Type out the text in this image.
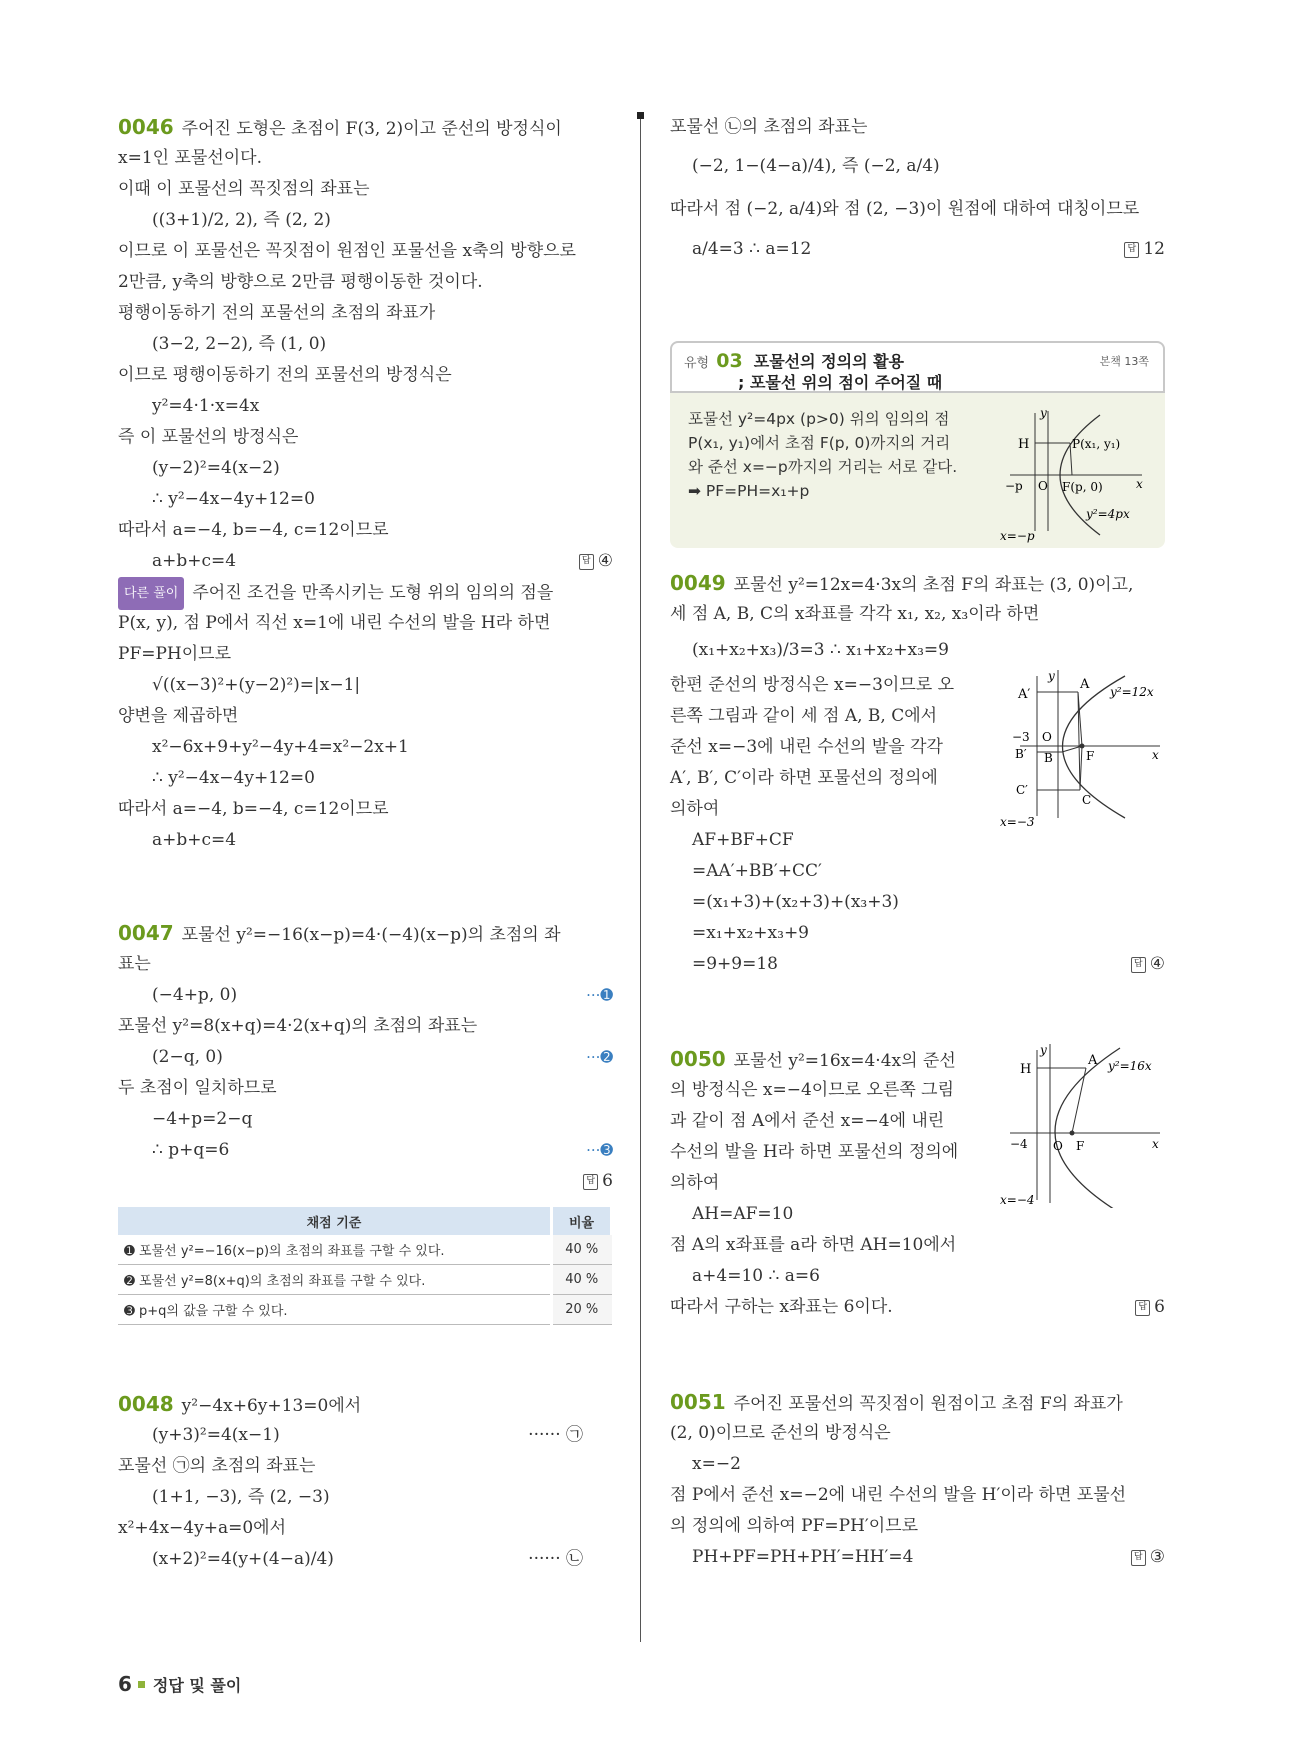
0046 주어진 도형은 초점이 F(3, 2)이고 준선의 방정식이
x=1인 포물선이다.
이때 이 포물선의 꼭짓점의 좌표는
((3+1)/2, 2), 즉 (2, 2)
이므로 이 포물선은 꼭짓점이 원점인 포물선을 x축의 방향으로
2만큼, y축의 방향으로 2만큼 평행이동한 것이다.
평행이동하기 전의 포물선의 초점의 좌표가
(3−2, 2−2), 즉 (1, 0)
이므로 평행이동하기 전의 포물선의 방정식은
y²=4·1·x=4x
즉 이 포물선의 방정식은
(y−2)²=4(x−2)
∴ y²−4x−4y+12=0
따라서 a=−4, b=−4, c=12이므로
a+b+c=4	답 ④
다른 풀이 주어진 조건을 만족시키는 도형 위의 임의의 점을
P(x, y), 점 P에서 직선 x=1에 내린 수선의 발을 H라 하면
PF=PH이므로
√((x−3)²+(y−2)²)=|x−1|
양변을 제곱하면
x²−6x+9+y²−4y+4=x²−2x+1
∴ y²−4x−4y+12=0
따라서 a=−4, b=−4, c=12이므로
a+b+c=4
0047 포물선 y²=−16(x−p)=4·(−4)(x−p)의 초점의 좌
표는
(−4+p, 0)	···➊
포물선 y²=8(x+q)=4·2(x+q)의 초점의 좌표는
(2−q, 0)	···➋
두 초점이 일치하므로
−4+p=2−q
∴ p+q=6	···➌
답 6
채점 기준	비율
➊ 포물선 y²=−16(x−p)의 초점의 좌표를 구할 수 있다.	40 %
➋ 포물선 y²=8(x+q)의 초점의 좌표를 구할 수 있다.	40 %
➌ p+q의 값을 구할 수 있다.	20 %
0048 y²−4x+6y+13=0에서
(y+3)²=4(x−1)	······ ㉠
포물선 ㉠의 초점의 좌표는
(1+1, −3), 즉 (2, −3)
x²+4x−4y+a=0에서
(x+2)²=4(y+(4−a)/4)	······ ㉡
포물선 ㉡의 초점의 좌표는
(−2, 1−(4−a)/4), 즉 (−2, a/4)
따라서 점 (−2, a/4)와 점 (2, −3)이 원점에 대하여 대칭이므로
a/4=3 ∴ a=12	답 12
유형 03 포물선의 정의의 활용	본책 13쪽
; 포물선 위의 점이 주어질 때
포물선 y²=4px (p>0) 위의 임의의 점
P(x₁, y₁)에서 초점 F(p, 0)까지의 거리
와 준선 x=−p까지의 거리는 서로 같다.
➡ PF=PH=x₁+p
H	P(x₁, y₁)
−p O F(p, 0)	x
y
y²=4px
x=−p
0049 포물선 y²=12x=4·3x의 초점 F의 좌표는 (3, 0)이고,
세 점 A, B, C의 x좌표를 각각 x₁, x₂, x₃이라 하면
(x₁+x₂+x₃)/3=3 ∴ x₁+x₂+x₃=9
한편 준선의 방정식은 x=−3이므로 오
른쪽 그림과 같이 세 점 A, B, C에서
준선 x=−3에 내린 수선의 발을 각각
A′, B′, C′이라 하면 포물선의 정의에
의하여
AF+BF+CF
=AA′+BB′+CC′
=(x₁+3)+(x₂+3)+(x₃+3)
=x₁+x₂+x₃+9
=9+9=18	답 ④
A′
A y²=12x
−3 O
B′ B	F	x
y
C′
C
x=−3
0050 포물선 y²=16x=4·4x의 준선
의 방정식은 x=−4이므로 오른쪽 그림
과 같이 점 A에서 준선 x=−4에 내린
수선의 발을 H라 하면 포물선의 정의에
의하여
AH=AF=10
점 A의 x좌표를 a라 하면 AH=10에서
a+4=10 ∴ a=6
따라서 구하는 x좌표는 6이다.	답 6
H
A y²=16x
−4 O F	x
y
x=−4
0051 주어진 포물선의 꼭짓점이 원점이고 초점 F의 좌표가
(2, 0)이므로 준선의 방정식은
x=−2
점 P에서 준선 x=−2에 내린 수선의 발을 H′이라 하면 포물선
의 정의에 의하여 PF=PH′이므로
PH+PF=PH+PH′=HH′=4	답 ③
6 정답 및 풀이
